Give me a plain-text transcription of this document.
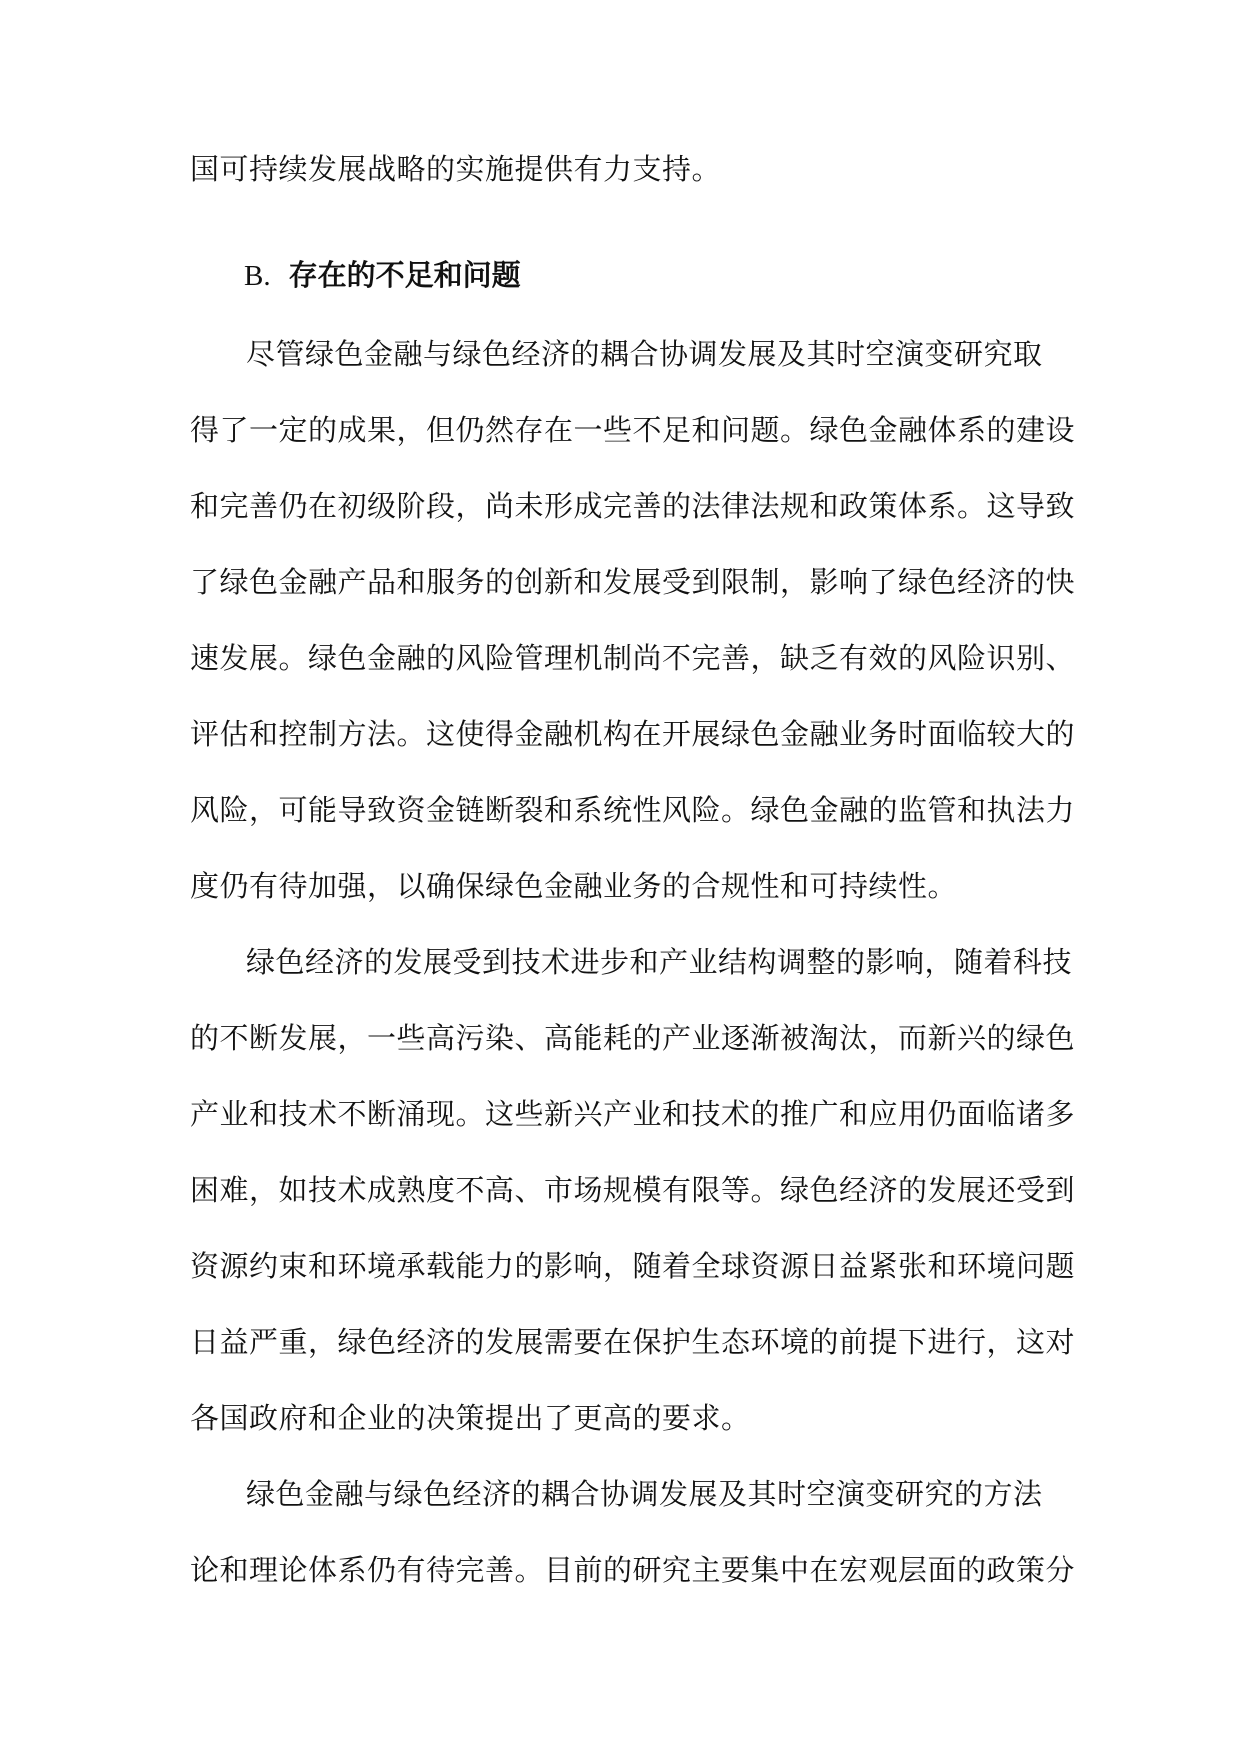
国可持续发展战略的实施提供有力支持。
B. 存在的不足和问题
尽管绿色金融与绿色经济的耦合协调发展及其时空演变研究取
得了一定的成果，但仍然存在一些不足和问题。绿色金融体系的建设
和完善仍在初级阶段，尚未形成完善的法律法规和政策体系。这导致
了绿色金融产品和服务的创新和发展受到限制，影响了绿色经济的快
速发展。绿色金融的风险管理机制尚不完善，缺乏有效的风险识别、
评估和控制方法。这使得金融机构在开展绿色金融业务时面临较大的
风险，可能导致资金链断裂和系统性风险。绿色金融的监管和执法力
度仍有待加强，以确保绿色金融业务的合规性和可持续性。
绿色经济的发展受到技术进步和产业结构调整的影响，随着科技
的不断发展，一些高污染、高能耗的产业逐渐被淘汰，而新兴的绿色
产业和技术不断涌现。这些新兴产业和技术的推广和应用仍面临诸多
困难，如技术成熟度不高、市场规模有限等。绿色经济的发展还受到
资源约束和环境承载能力的影响，随着全球资源日益紧张和环境问题
日益严重，绿色经济的发展需要在保护生态环境的前提下进行，这对
各国政府和企业的决策提出了更高的要求。
绿色金融与绿色经济的耦合协调发展及其时空演变研究的方法
论和理论体系仍有待完善。目前的研究主要集中在宏观层面的政策分
